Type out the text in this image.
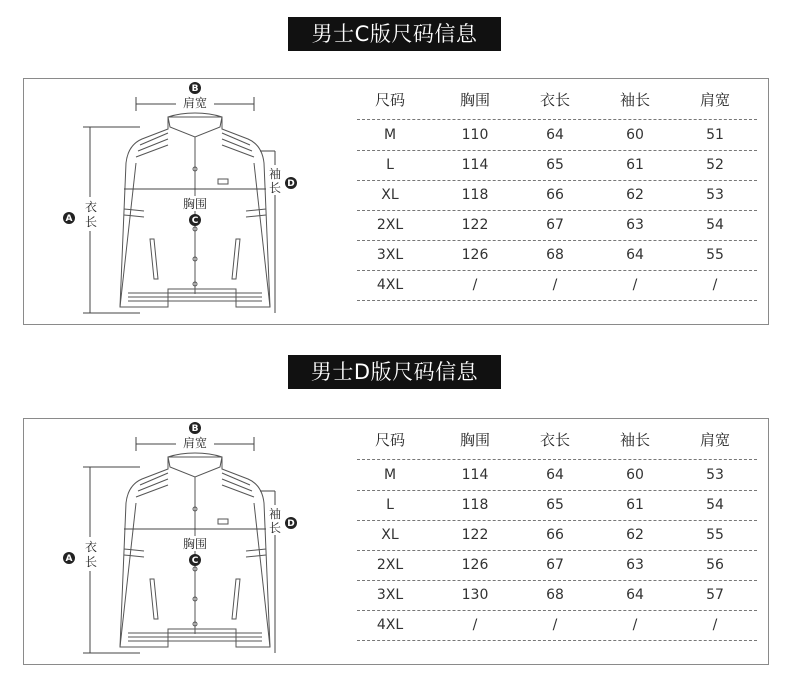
男士C版尺码信息
B
肩宽
袖
长 D
胸围
C
衣
长
A
尺码	胸围	衣长	袖长	肩宽
M	110	64	60	51
L	114	65	61	52
XL	118	66	62	53
2XL	122	67	63	54
3XL	126	68	64	55
4XL	/	/	/	/
男士D版尺码信息
B
肩宽
袖
长 D
胸围
C
衣
长
A
尺码	胸围	衣长	袖长	肩宽
M	114	64	60	53
L	118	65	61	54
XL	122	66	62	55
2XL	126	67	63	56
3XL	130	68	64	57
4XL	/	/	/	/
